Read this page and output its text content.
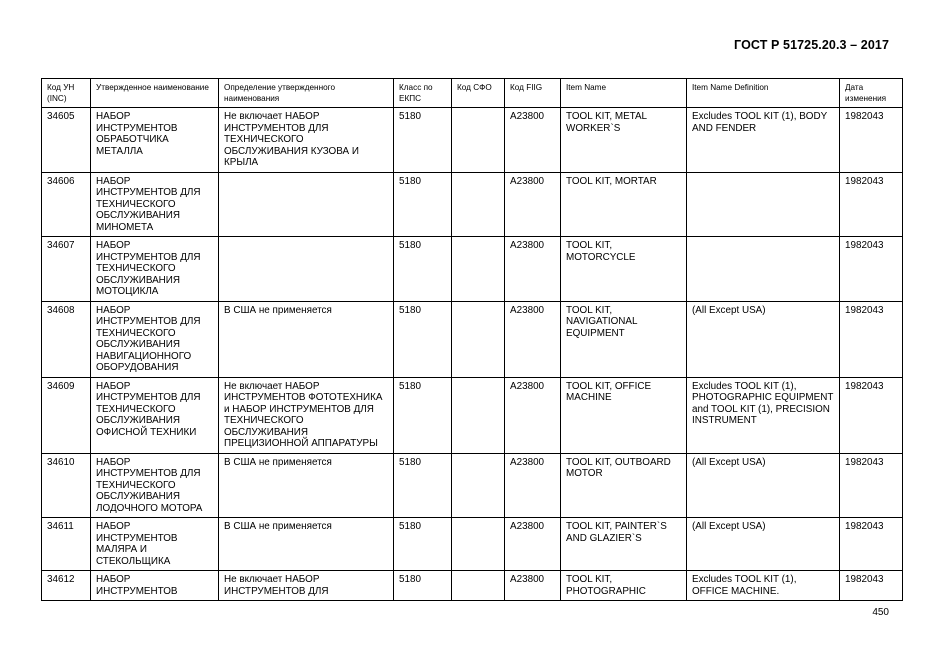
ГОСТ Р 51725.20.3 – 2017
Код УН (INC)	Утвержденное наименование	Определение утвержденного наименования	Класс по ЕКПС	Код СФО	Код FIIG	Item Name	Item Name Definition	Дата изменения
34605	НАБОР ИНСТРУМЕНТОВ ОБРАБОТЧИКА МЕТАЛЛА	Не включает НАБОР ИНСТРУМЕНТОВ ДЛЯ ТЕХНИЧЕСКОГО ОБСЛУЖИВАНИЯ КУЗОВА И КРЫЛА	5180		A23800	TOOL KIT, METAL WORKER`S	Excludes TOOL KIT (1), BODY AND FENDER	1982043
34606	НАБОР ИНСТРУМЕНТОВ ДЛЯ ТЕХНИЧЕСКОГО ОБСЛУЖИВАНИЯ МИНОМЕТА		5180		A23800	TOOL KIT, MORTAR		1982043
34607	НАБОР ИНСТРУМЕНТОВ ДЛЯ ТЕХНИЧЕСКОГО ОБСЛУЖИВАНИЯ МОТОЦИКЛА		5180		A23800	TOOL KIT, MOTORCYCLE		1982043
34608	НАБОР ИНСТРУМЕНТОВ ДЛЯ ТЕХНИЧЕСКОГО ОБСЛУЖИВАНИЯ НАВИГАЦИОННОГО ОБОРУДОВАНИЯ	В США не применяется	5180		A23800	TOOL KIT, NAVIGATIONAL EQUIPMENT	(All Except USA)	1982043
34609	НАБОР ИНСТРУМЕНТОВ ДЛЯ ТЕХНИЧЕСКОГО ОБСЛУЖИВАНИЯ ОФИСНОЙ ТЕХНИКИ	Не включает НАБОР ИНСТРУМЕНТОВ ФОТОТЕХНИКА и НАБОР ИНСТРУМЕНТОВ ДЛЯ ТЕХНИЧЕСКОГО ОБСЛУЖИВАНИЯ ПРЕЦИЗИОННОЙ АППАРАТУРЫ	5180		A23800	TOOL KIT, OFFICE MACHINE	Excludes TOOL KIT (1), PHOTOGRAPHIC EQUIPMENT and TOOL KIT (1), PRECISION INSTRUMENT	1982043
34610	НАБОР ИНСТРУМЕНТОВ ДЛЯ ТЕХНИЧЕСКОГО ОБСЛУЖИВАНИЯ ЛОДОЧНОГО МОТОРА	В США не применяется	5180		A23800	TOOL KIT, OUTBOARD MOTOR	(All Except USA)	1982043
34611	НАБОР ИНСТРУМЕНТОВ МАЛЯРА И СТЕКОЛЬЩИКА	В США не применяется	5180		A23800	TOOL KIT, PAINTER`S AND GLAZIER`S	(All Except USA)	1982043
34612	НАБОР ИНСТРУМЕНТОВ	Не включает НАБОР ИНСТРУМЕНТОВ ДЛЯ	5180		A23800	TOOL KIT, PHOTOGRAPHIC	Excludes TOOL KIT (1), OFFICE MACHINE.	1982043
450
